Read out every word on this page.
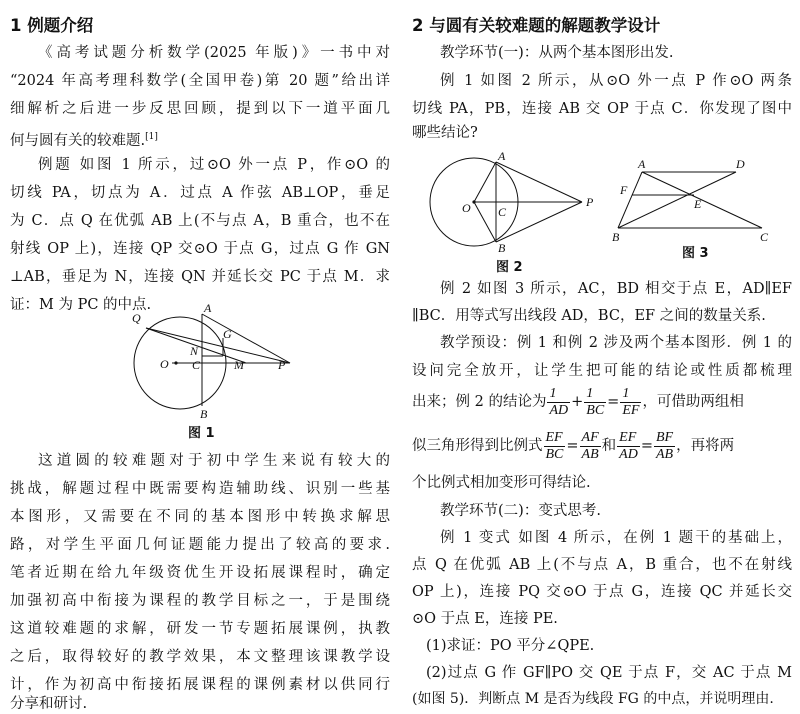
1 例题介绍
《高考试题分析数学(2025 年版)》一书中对
“2024 年高考理科数学(全国甲卷)第 20 题”给出详
细解析之后进一步反思回顾，提到以下一道平面几
何与圆有关的较难题.[1]
例题 如图 1 所示，过⊙O 外一点 P，作⊙O 的
切线 PA，切点为 A．过点 A 作弦 AB⊥OP，垂足
为 C．点 Q 在优弧 AB 上(不与点 A，B 重合，也不在
射线 OP 上)，连接 QP 交⊙O 于点 G，过点 G 作 GN
⊥AB，垂足为 N，连接 QN 并延长交 PC 于点 M．求
证：M 为 PC 的中点.
Q
A
G
N
O C	M	P
B
图 1
这道圆的较难题对于初中学生来说有较大的
挑战，解题过程中既需要构造辅助线、识别一些基
本图形，又需要在不同的基本图形中转换求解思
路，对学生平面几何证题能力提出了较高的要求.
笔者近期在给九年级资优生开设拓展课程时，确定
加强初高中衔接为课程的教学目标之一，于是围绕
这道较难题的求解，研发一节专题拓展课例，执教
之后，取得较好的教学效果，本文整理该课教学设
计，作为初高中衔接拓展课程的课例素材以供同行
分享和研讨.
2 与圆有关较难题的解题教学设计
教学环节(一)：从两个基本图形出发.
例 1 如图 2 所示，从⊙O 外一点 P 作⊙O 两条
切线 PA，PB，连接 AB 交 OP 于点 C．你发现了图中
哪些结论?
A
O C
P
B
图 2
A	D
F
E
B	C
图 3
例 2 如图 3 所示，AC，BD 相交于点 E，AD∥EF
∥BC．用等式写出线段 AD，BC，EF 之间的数量关系.
教学预设：例 1 和例 2 涉及两个基本图形．例 1 的
设问完全放开，让学生把可能的结论或性质都梳理
出来；例 2 的结论为 $\frac{1}{AD} + \frac{1}{BC} = \frac{1}{EF}$ ，可借助两组相
似三角形得到比例式 $\frac{EF}{BC} = \frac{AF}{AB}$ 和 $\frac{EF}{AD} = \frac{BF}{AB}$ ，再将两
个比例式相加变形可得结论.
教学环节(二)：变式思考.
例 1 变式 如图 4 所示，在例 1 题干的基础上，
点 Q 在优弧 AB 上(不与点 A，B 重合，也不在射线
OP 上)，连接 PQ 交⊙O 于点 G，连接 QC 并延长交
⊙O 于点 E，连接 PE.
(1)求证：PO 平分∠QPE.
(2)过点 G 作 GF∥PO 交 QE 于点 F，交 AC 于点 M
(如图 5)．判断点 M 是否为线段 FG 的中点，并说明理由.
